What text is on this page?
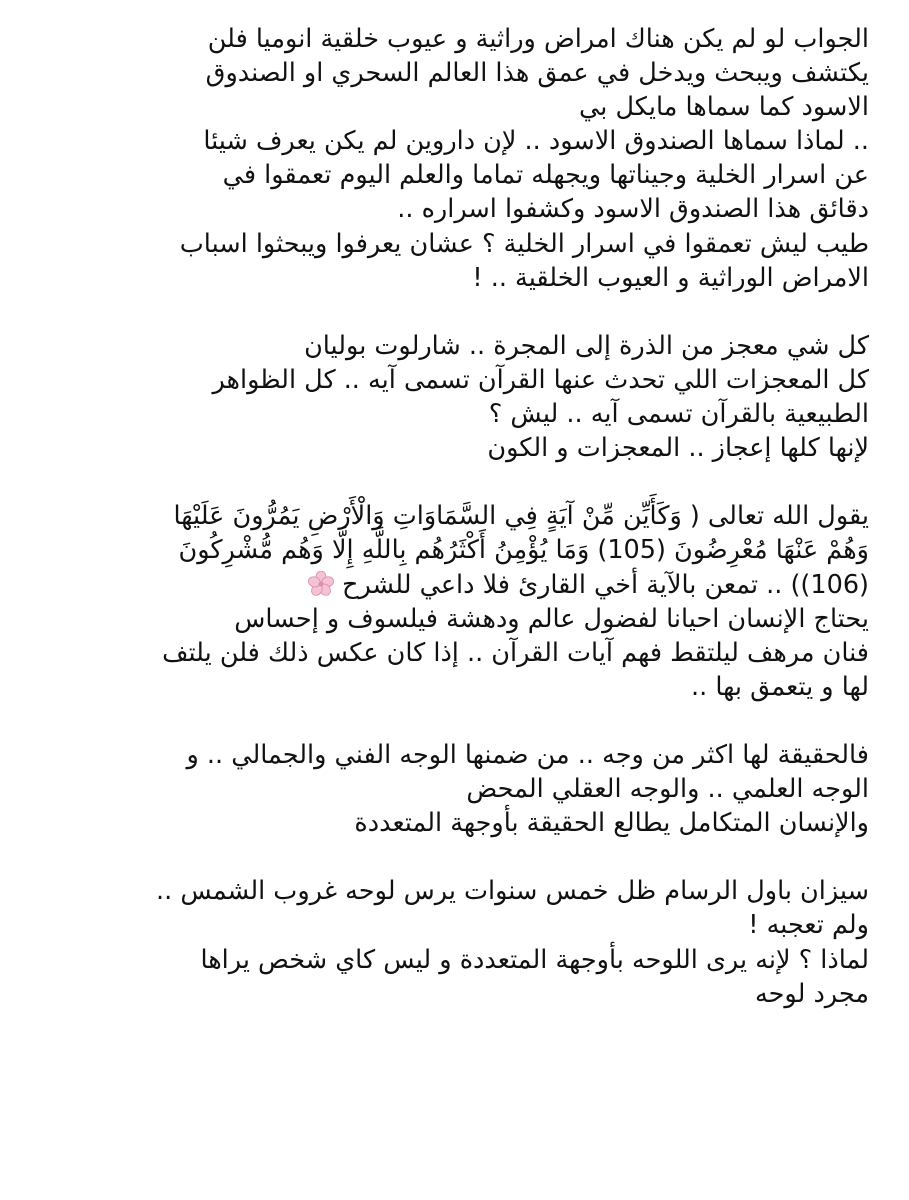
الجواب لو لم يكن هناك امراض وراثية و عيوب خلقية انوميا فلن
يكتشف ويبحث ويدخل في عمق هذا العالم السحري او الصندوق
الاسود كما سماها مايكل بي
.. لماذا سماها الصندوق الاسود .. لإن داروين لم يكن يعرف شيئا
عن اسرار الخلية وجيناتها ويجهله تماما والعلم اليوم تعمقوا في
دقائق هذا الصندوق الاسود وكشفوا اسراره ..
طيب ليش تعمقوا في اسرار الخلية ؟ عشان يعرفوا ويبحثوا اسباب
الامراض الوراثية و العيوب الخلقية .. !
كل شي معجز من الذرة إلى المجرة .. شارلوت بوليان
كل المعجزات اللي تحدث عنها القرآن تسمى آيه .. كل الظواهر
الطبيعية بالقرآن تسمى آيه .. ليش ؟
لإنها كلها إعجاز .. المعجزات و الكون
يقول الله تعالى ( وَكَأَيِّن مِّنْ آيَةٍ فِي السَّمَاوَاتِ وَالْأَرْضِ يَمُرُّونَ عَلَيْهَا
وَهُمْ عَنْهَا مُعْرِضُونَ (105) وَمَا يُؤْمِنُ أَكْثَرُهُم بِاللَّهِ إِلَّا وَهُم مُّشْرِكُونَ
(106)) .. تمعن بالآية أخي القارئ فلا داعي للشرح
يحتاج الإنسان احيانا لفضول عالم ودهشة فيلسوف و إحساس
فنان مرهف ليلتقط فهم آيات القرآن .. إذا كان عكس ذلك فلن يلتف
لها و يتعمق بها ..
فالحقيقة لها اكثر من وجه .. من ضمنها الوجه الفني والجمالي .. و
الوجه العلمي .. والوجه العقلي المحض
والإنسان المتكامل يطالع الحقيقة بأوجهة المتعددة
سيزان باول الرسام ظل خمس سنوات يرس لوحه غروب الشمس ..
ولم تعجبه !
لماذا ؟ لإنه يرى اللوحه بأوجهة المتعددة و ليس كاي شخص يراها
مجرد لوحه
